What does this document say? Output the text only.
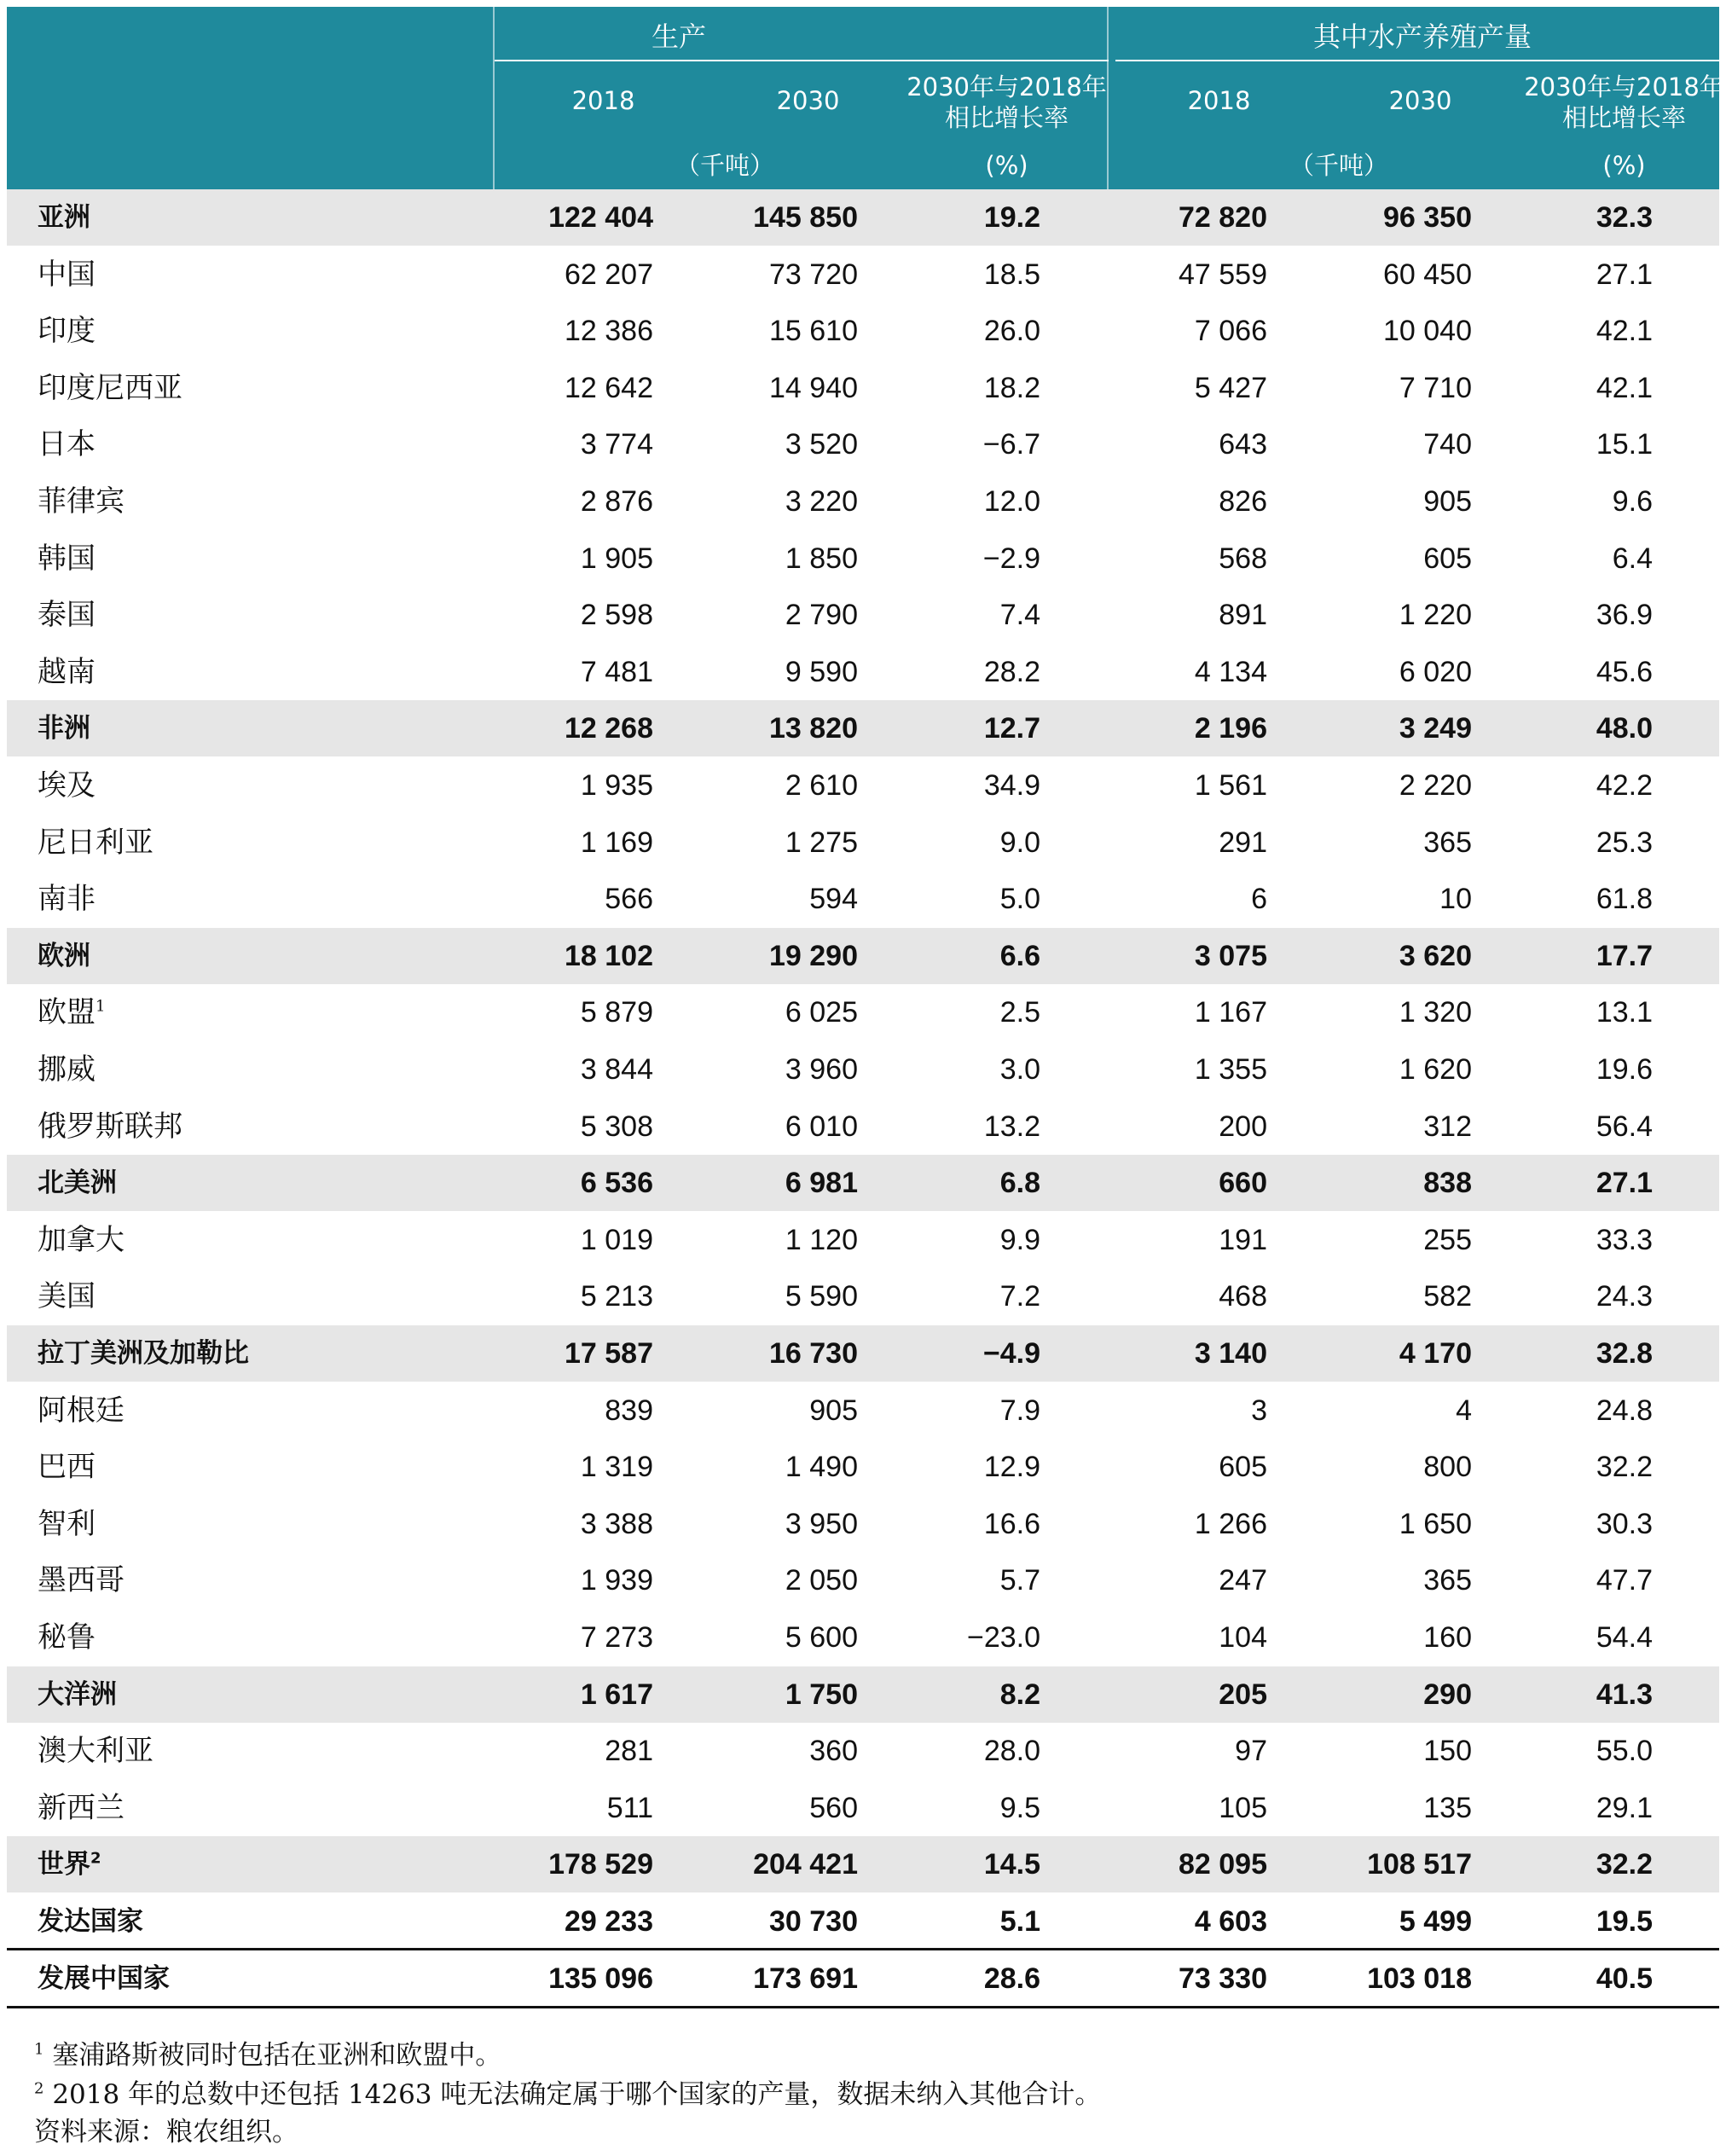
生产	其中水产养殖产量
2018	2030	2030年与2018年
相比增长率
2018	2030	2030年与2018年
相比增长率
（千吨）	(%)	（千吨）	(%)
亚洲	122 404	145 850	19.2	72 820	96 350	32.3
中国	62 207	73 720	18.5	47 559	60 450	27.1
印度	12 386	15 610	26.0	7 066	10 040	42.1
印度尼西亚	12 642	14 940	18.2	5 427	7 710	42.1
日本	3 774	3 520	−6.7	643	740	15.1
菲律宾	2 876	3 220	12.0	826	905	9.6
韩国	1 905	1 850	−2.9	568	605	6.4
泰国	2 598	2 790	7.4	891	1 220	36.9
越南	7 481	9 590	28.2	4 134	6 020	45.6
非洲	12 268	13 820	12.7	2 196	3 249	48.0
埃及	1 935	2 610	34.9	1 561	2 220	42.2
尼日利亚	1 169	1 275	9.0	291	365	25.3
南非	566	594	5.0	6	10	61.8
欧洲	18 102	19 290	6.6	3 075	3 620	17.7
欧盟$^1$	5 879	6 025	2.5	1 167	1 320	13.1
挪威	3 844	3 960	3.0	1 355	1 620	19.6
俄罗斯联邦	5 308	6 010	13.2	200	312	56.4
北美洲	6 536	6 981	6.8	660	838	27.1
加拿大	1 019	1 120	9.9	191	255	33.3
美国	5 213	5 590	7.2	468	582	24.3
拉丁美洲及加勒比	17 587	16 730	−4.9	3 140	4 170	32.8
阿根廷	839	905	7.9	3	4	24.8
巴西	1 319	1 490	12.9	605	800	32.2
智利	3 388	3 950	16.6	1 266	1 650	30.3
墨西哥	1 939	2 050	5.7	247	365	47.7
秘鲁	7 273	5 600	−23.0	104	160	54.4
大洋洲	1 617	1 750	8.2	205	290	41.3
澳大利亚	281	360	28.0	97	150	55.0
新西兰	511	560	9.5	105	135	29.1
世界$^2$	178 529	204 421	14.5	82 095	108 517	32.2
发达国家	29 233	30 730	5.1	4 603	5 499	19.5
发展中国家	135 096	173 691	28.6	73 330	103 018	40.5
$^1$ 塞浦路斯被同时包括在亚洲和欧盟中。
$^2$ 2018 年的总数中还包括 14263 吨无法确定属于哪个国家的产量，数据未纳入其他合计。
资料来源：粮农组织。
